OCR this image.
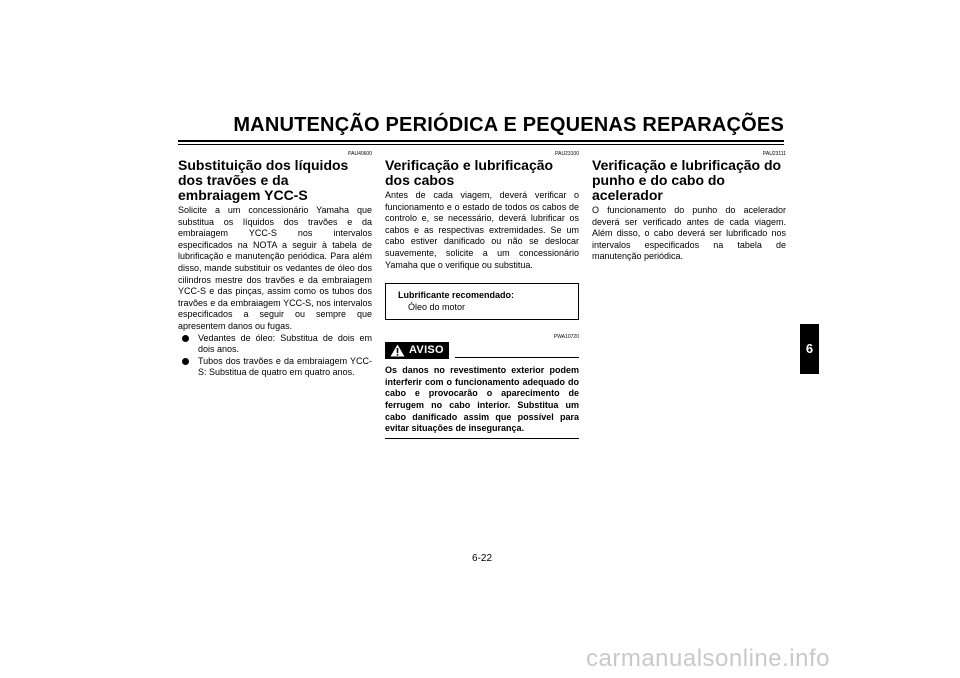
MANUTENÇÃO PERIÓDICA E PEQUENAS REPARAÇÕES
PAU40600
Substituição dos líquidos dos travões e da embraiagem YCC-S

Solicite a um concessionário Yamaha que substitua os líquidos dos travões e da embraiagem YCC-S nos intervalos especificados na NOTA a seguir à tabela de lubrificação e manutenção periódica. Para além disso, mande substituir os vedantes de óleo dos cilindros mestre dos travões e da embraiagem YCC-S e das pinças, assim como os tubos dos travões e da embraiagem YCC-S, nos intervalos especificados a seguir ou sempre que apresentem danos ou fugas.

Vedantes de óleo: Substitua de dois em dois anos.
Tubos dos travões e da embraiagem YCC-S: Substitua de quatro em quatro anos.
PAU23100
Verificação e lubrificação dos cabos

Antes de cada viagem, deverá verificar o funcionamento e o estado de todos os cabos de controlo e, se necessário, deverá lubrificar os cabos e as respectivas extremidades. Se um cabo estiver danificado ou não se deslocar suavemente, solicite a um concessionário Yamaha que o verifique ou substitua.

Lubrificante recomendado:
Óleo do motor
PWA10720
AVISO

Os danos no revestimento exterior podem interferir com o funcionamento adequado do cabo e provocarão o aparecimento de ferrugem no cabo interior. Substitua um cabo danificado assim que possível para evitar situações de insegurança.

PAU23111
Verificação e lubrificação do punho e do cabo do acelerador

O funcionamento do punho do acelerador deverá ser verificado antes de cada viagem. Além disso, o cabo deverá ser lubrificado nos intervalos especificados na tabela de manutenção periódica.

6
6-22
carmanualsonline.info
